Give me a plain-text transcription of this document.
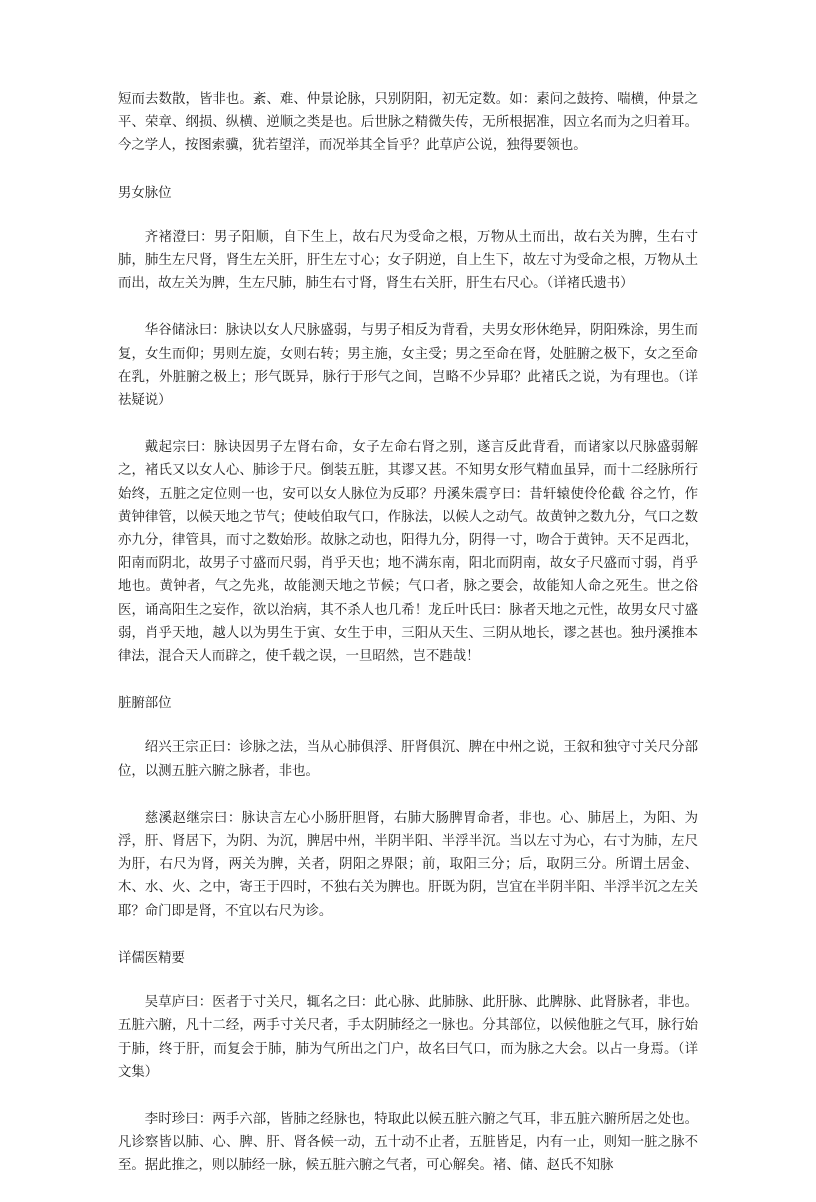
短而去数散，皆非也。紊、难、仲景论脉，只别阴阳，初无定数。如：素问之鼓挎、喘横，仲景之 平、荣章、纲损、纵横、逆顺之类是也。后世脉之精微失传，无所根据准，因立名而为之归着耳。今之学人，按图索骥，犹若望洋，而况举其全旨乎？此草庐公说，独得要领也。

男女脉位

齐褚澄曰：男子阳顺，自下生上，故右尺为受命之根，万物从土而出，故右关为脾，生右寸肺，肺生左尺肾，肾生左关肝，肝生左寸心；女子阴逆，自上生下，故左寸为受命之根，万物从土而出，故左关为脾，生左尺肺，肺生右寸肾，肾生右关肝，肝生右尺心。（详褚氏遗书）

华谷储泳曰：脉诀以女人尺脉盛弱，与男子相反为背看，夫男女形休绝异，阴阳殊涂，男生而复，女生而仰；男则左旋，女则右转；男主施，女主受；男之至命在肾，处脏腑之极下，女之至命在乳，外脏腑之极上；形气既异，脉行于形气之间，岂略不少异耶？此褚氏之说，为有理也。（详祛疑说）

戴起宗曰：脉诀因男子左肾右命，女子左命右肾之别，遂言反此背看，而诸家以尺脉盛弱解之，褚氏又以女人心、肺诊于尺。倒装五脏，其谬又甚。不知男女形气精血虽异，而十二经脉所行始终，五脏之定位则一也，安可以女人脉位为反耶？丹溪朱震亨曰：昔轩辕使伶伦截 谷之竹，作黄钟律管，以候天地之节气；使岐伯取气口，作脉法，以候人之动气。故黄钟之数九分，气口之数亦九分，律管具，而寸之数始形。故脉之动也，阳得九分，阴得一寸，吻合于黄钟。天不足西北，阳南而阴北，故男子寸盛而尺弱，肖乎天也；地不满东南，阳北而阴南，故女子尺盛而寸弱，肖乎地也。黄钟者，气之先兆，故能测天地之节候；气口者，脉之要会，故能知人命之死生。世之俗医，诵高阳生之妄作，欲以治病，其不杀人也几希！龙丘叶氏曰：脉者天地之元性，故男女尺寸盛弱，肖乎天地，越人以为男生于寅、女生于申，三阳从天生、三阴从地长，谬之甚也。独丹溪推本律法，混合天人而辟之，使千载之误，一旦昭然，岂不韪哉！

脏腑部位

绍兴王宗正曰：诊脉之法，当从心肺俱浮、肝肾俱沉、脾在中州之说，王叙和独守寸关尺分部位，以测五脏六腑之脉者，非也。

慈溪赵继宗曰：脉诀言左心小肠肝胆肾，右肺大肠脾胃命者，非也。心、肺居上，为阳、为浮，肝、肾居下，为阴、为沉，脾居中州，半阴半阳、半浮半沉。当以左寸为心，右寸为肺，左尺为肝，右尺为肾，两关为脾，关者，阴阳之界限；前，取阳三分；后，取阴三分。所谓土居金、木、水、火、之中，寄王于四时，不独右关为脾也。肝既为阴，岂宜在半阴半阳、半浮半沉之左关耶？命门即是肾，不宜以右尺为诊。

详儒医精要

吴草庐曰：医者于寸关尺，辄名之曰：此心脉、此肺脉、此肝脉、此脾脉、此肾脉者，非也。五脏六腑，凡十二经，两手寸关尺者，手太阴肺经之一脉也。分其部位，以候他脏之气耳，脉行始于肺，终于肝，而复会于肺，肺为气所出之门户，故名曰气口，而为脉之大会。以占一身焉。（详文集）

李时珍曰：两手六部，皆肺之经脉也，特取此以候五脏六腑之气耳，非五脏六腑所居之处也。凡诊察皆以肺、心、脾、肝、肾各候一动，五十动不止者，五脏皆足，内有一止，则知一脏之脉不至。据此推之，则以肺经一脉，候五脏六腑之气者，可心解矣。褚、储、赵氏不知脉
